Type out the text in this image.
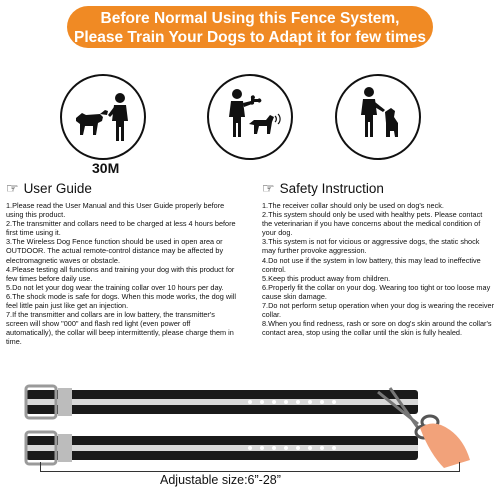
Before Normal Using this Fence System,
Please Train Your Dogs to Adapt it for few times
30M
☞ User Guide
1.Please read the User Manual and this User Guide properly before using this product.
2.The transmitter and collars need to be charged at less 4 hours before first time using it.
3.The Wireless Dog Fence function should be used in open area or OUTDOOR. The actual remote-control distance may be affected by electromagnetic waves or obstacle.
4.Please testing all functions and training your dog with this product for few times before daily use.
5.Do not let your dog wear the training collar over 10 hours per day.
6.The shock mode is safe for dogs. When this mode works, the dog will feel little pain just like get an injection.
7.If the transmitter and collars are in low battery, the transmitter's screen will show "000" and flash red light (even power off automatically), the collar will beep intermittently, please charge them in time.
☞ Safety Instruction
1.The receiver collar should only be used on dog's neck.
2.This system should only be used with healthy pets. Please contact the veterinarian if you have concerns about the medical condition of your dog.
3.This system is not for vicious or aggressive dogs, the static shock may further provoke aggression.
4.Do not use if the system in low battery, this may lead to ineffective control.
5.Keep this product away from children.
6.Properly fit the collar on your dog. Wearing too tight or too loose may cause skin damage.
7.Do not perform setup operation when your dog is wearing the receiver collar.
8.When you find redness, rash or sore on dog's skin around the collar's contact area, stop using the collar until the skin is fully healed.
Adjustable size:6”-28”
